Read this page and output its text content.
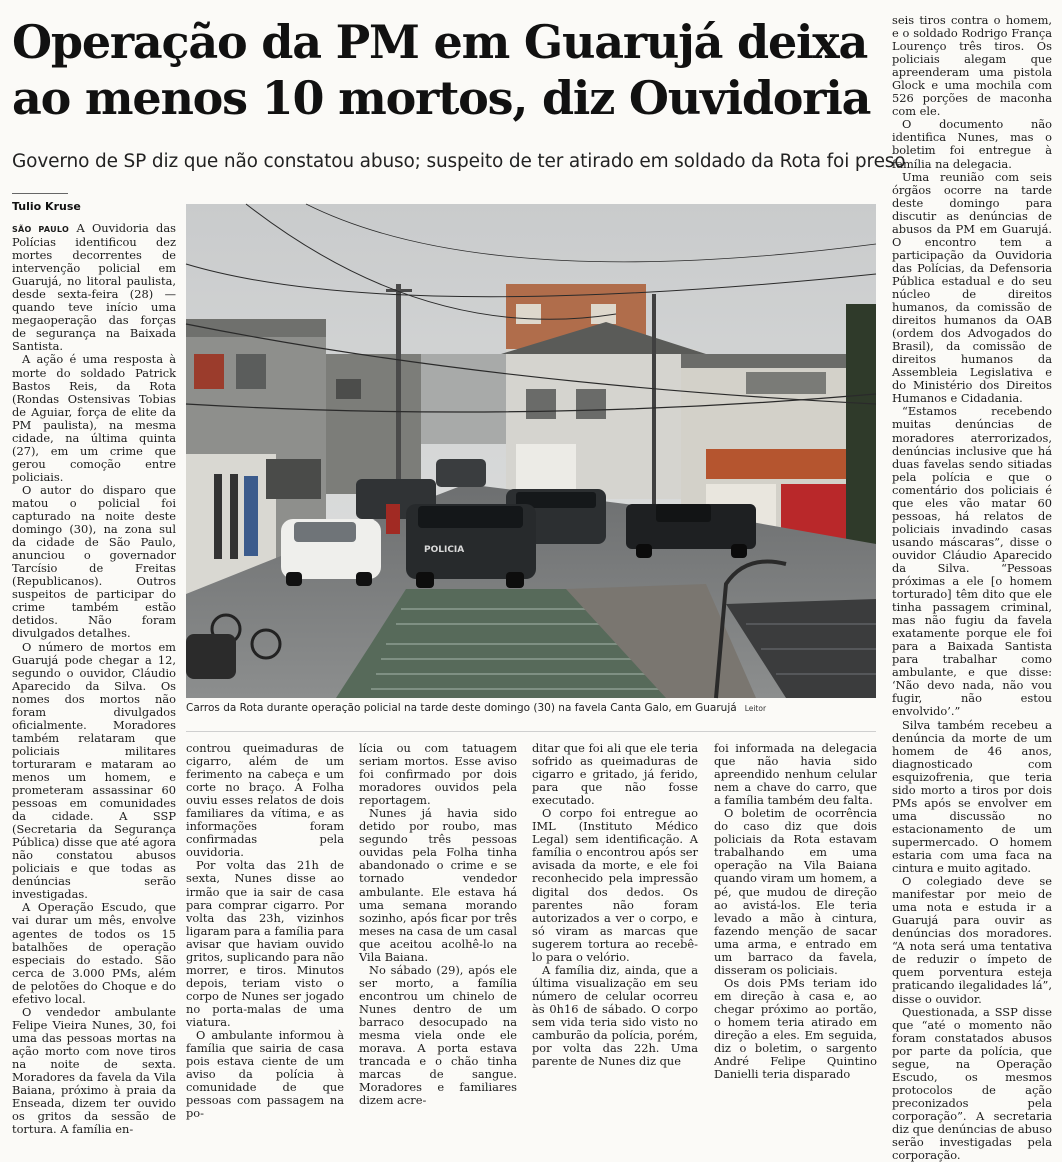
Operação da PM em Guarujá deixa
ao menos 10 mortos, diz Ouvidoria

Governo de SP diz que não constatou abuso; suspeito de ter atirado em soldado da Rota foi preso

Tulio Kruse

SÃO PAULO A Ouvidoria das Polícias identificou dez mortes decorrentes de intervenção policial em Guarujá, no litoral paulista, desde sexta-feira (28) —quando teve início uma megaoperação das forças de segurança na Baixada Santista.

A ação é uma resposta à morte do soldado Patrick Bastos Reis, da Rota (Rondas Ostensivas Tobias de Aguiar, força de elite da PM paulista), na mesma cidade, na última quinta (27), em um crime que gerou comoção entre policiais.

O autor do disparo que matou o policial foi capturado na noite deste domingo (30), na zona sul da cidade de São Paulo, anunciou o governador Tarcísio de Freitas (Republicanos). Outros suspeitos de participar do crime também estão detidos. Não foram divulgados detalhes.

O número de mortos em Guarujá pode chegar a 12, segundo o ouvidor, Cláudio Aparecido da Silva. Os nomes dos mortos não foram divulgados oficialmente. Moradores também relataram que policiais militares torturaram e mataram ao menos um homem, e prometeram assassinar 60 pessoas em comunidades da cidade. A SSP (Secretaria da Segurança Pública) disse que até agora não constatou abusos policiais e que todas as denúncias serão investigadas.

A Operação Escudo, que vai durar um mês, envolve agentes de todos os 15 batalhões de operação especiais do estado. São cerca de 3.000 PMs, além de pelotões do Choque e do efetivo local.

O vendedor ambulante Felipe Vieira Nunes, 30, foi uma das pessoas mortas na ação morto com nove tiros na noite de sexta. Moradores da favela da Vila Baiana, próximo à praia da Enseada, dizem ter ouvido os gritos da sessão de tortura. A família en-

POLICIA
Carros da Rota durante operação policial na tarde deste domingo (30) na favela Canta Galo, em Guarujá Leitor

controu queimaduras de cigarro, além de um ferimento na cabeça e um corte no braço. A Folha ouviu esses relatos de dois familiares da vítima, e as informações foram confirmadas pela ouvidoria.

Por volta das 21h de sexta, Nunes disse ao irmão que ia sair de casa para comprar cigarro. Por volta das 23h, vizinhos ligaram para a família para avisar que haviam ouvido gritos, suplicando para não morrer, e tiros. Minutos depois, teriam visto o corpo de Nunes ser jogado no porta-malas de uma viatura.

O ambulante informou à família que sairia de casa pois estava ciente de um aviso da polícia à comunidade de que pessoas com passagem na po-

lícia ou com tatuagem seriam mortos. Esse aviso foi confirmado por dois moradores ouvidos pela reportagem.

Nunes já havia sido detido por roubo, mas segundo três pessoas ouvidas pela Folha tinha abandonado o crime e se tornado vendedor ambulante. Ele estava há uma semana morando sozinho, após ficar por três meses na casa de um casal que aceitou acolhê-lo na Vila Baiana.

No sábado (29), após ele ser morto, a família encontrou um chinelo de Nunes dentro de um barraco desocupado na mesma viela onde ele morava. A porta estava trancada e o chão tinha marcas de sangue. Moradores e familiares dizem acre-

ditar que foi ali que ele teria sofrido as queimaduras de cigarro e gritado, já ferido, para que não fosse executado.

O corpo foi entregue ao IML (Instituto Médico Legal) sem identificação. A família o encontrou após ser avisada da morte, e ele foi reconhecido pela impressão digital dos dedos. Os parentes não foram autorizados a ver o corpo, e só viram as marcas que sugerem tortura ao recebê-lo para o velório.

A família diz, ainda, que a última visualização em seu número de celular ocorreu às 0h16 de sábado. O corpo sem vida teria sido visto no camburão da polícia, porém, por volta das 22h. Uma parente de Nunes diz que

foi informada na delegacia que não havia sido apreendido nenhum celular nem a chave do carro, que a família também deu falta.

O boletim de ocorrência do caso diz que dois policiais da Rota estavam trabalhando em uma operação na Vila Baiana quando viram um homem, a pé, que mudou de direção ao avistá-los. Ele teria levado a mão à cintura, fazendo menção de sacar uma arma, e entrado em um barraco da favela, disseram os policiais.

Os dois PMs teriam ido em direção à casa e, ao chegar próximo ao portão, o homem teria atirado em direção a eles. Em seguida, diz o boletim, o sargento André Felipe Quintino Danielli teria disparado

seis tiros contra o homem, e o soldado Rodrigo França Lourenço três tiros. Os policiais alegam que apreenderam uma pistola Glock e uma mochila com 526 porções de maconha com ele.

O documento não identifica Nunes, mas o boletim foi entregue à família na delegacia.

Uma reunião com seis órgãos ocorre na tarde deste domingo para discutir as denúncias de abusos da PM em Guarujá. O encontro tem a participação da Ouvidoria das Polícias, da Defensoria Pública estadual e do seu núcleo de direitos humanos, da comissão de direitos humanos da OAB (ordem dos Advogados do Brasil), da comissão de direitos humanos da Assembleia Legislativa e do Ministério dos Direitos Humanos e Cidadania.

“Estamos recebendo muitas denúncias de moradores aterrorizados, denúncias inclusive que há duas favelas sendo sitiadas pela polícia e que o comentário dos policiais é que eles vão matar 60 pessoas, há relatos de policiais invadindo casas usando máscaras”, disse o ouvidor Cláudio Aparecido da Silva. “Pessoas próximas a ele [o homem torturado] têm dito que ele tinha passagem criminal, mas não fugiu da favela exatamente porque ele foi para a Baixada Santista para trabalhar como ambulante, e que disse: ‘Não devo nada, não vou fugir, não estou envolvido’.”

Silva também recebeu a denúncia da morte de um homem de 46 anos, diagnosticado com esquizofrenia, que teria sido morto a tiros por dois PMs após se envolver em uma discussão no estacionamento de um supermercado. O homem estaria com uma faca na cintura e muito agitado.

O colegiado deve se manifestar por meio de uma nota e estuda ir a Guarujá para ouvir as denúncias dos moradores. “A nota será uma tentativa de reduzir o ímpeto de quem porventura esteja praticando ilegalidades lá”, disse o ouvidor.

Questionada, a SSP disse que “até o momento não foram constatados abusos por parte da polícia, que segue, na Operação Escudo, os mesmos protocolos de ação preconizados pela corporação”. A secretaria diz que denúncias de abuso serão investigadas pela corporação.
